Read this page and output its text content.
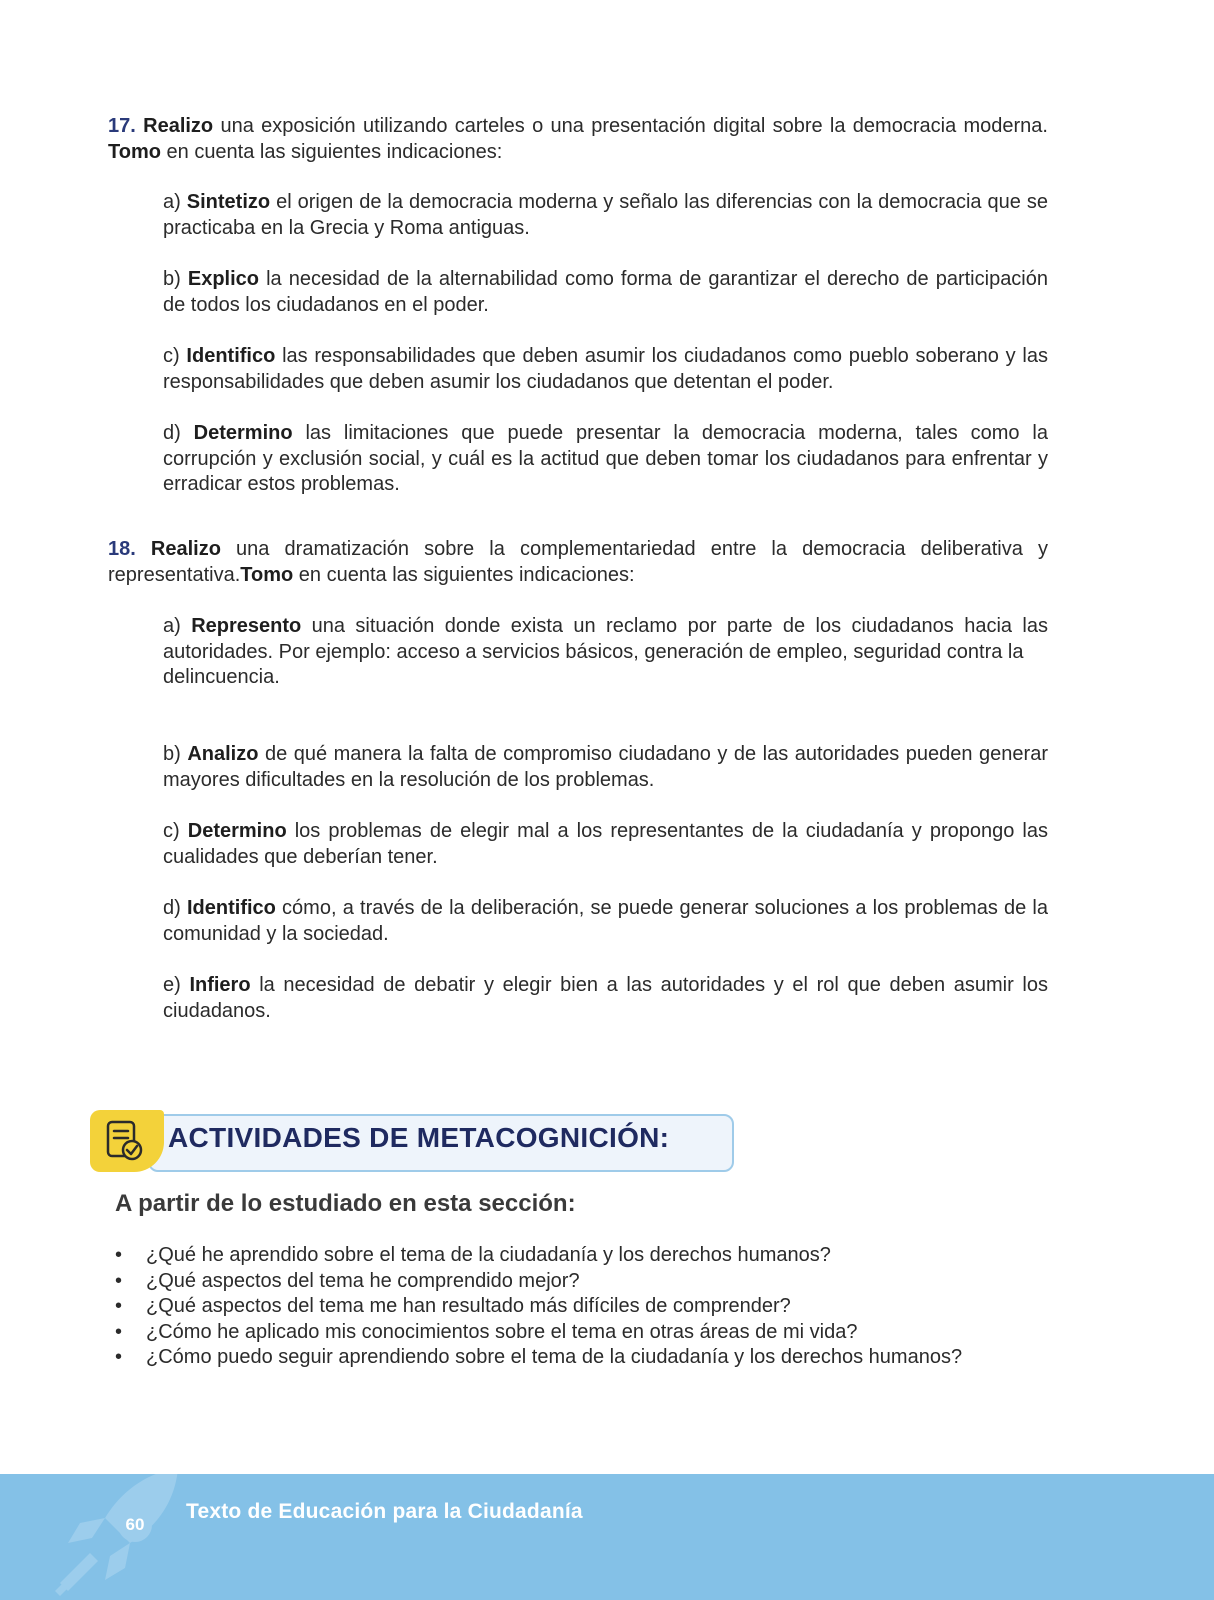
17. Realizo una exposición utilizando carteles o una presentación digital sobre la democracia moderna. Tomo en cuenta las siguientes indicaciones:
a) Sintetizo el origen de la democracia moderna y señalo las diferencias con la democracia que se practicaba en la Grecia y Roma antiguas.
b) Explico la necesidad de la alternabilidad como forma de garantizar el derecho de participación de todos los ciudadanos en el poder.
c) Identifico las responsabilidades que deben asumir los ciudadanos como pueblo soberano y las responsabilidades que deben asumir los ciudadanos que detentan el poder.
d) Determino las limitaciones que puede presentar la democracia moderna, tales como la corrupción y exclusión social, y cuál es la actitud que deben tomar los ciudadanos para enfrentar y erradicar estos problemas.
18. Realizo una dramatización sobre la complementariedad entre la democracia deliberativa y representativa.Tomo en cuenta las siguientes indicaciones:
a) Represento una situación donde exista un reclamo por parte de los ciudadanos hacia las autoridades. Por ejemplo: acceso a servicios básicos, generación de empleo, seguridad contra la
delincuencia.
b) Analizo de qué manera la falta de compromiso ciudadano y de las autoridades pueden generar mayores dificultades en la resolución de los problemas.
c) Determino los problemas de elegir mal a los representantes de la ciudadanía y propongo las cualidades que deberían tener.
d) Identifico cómo, a través de la deliberación, se puede generar soluciones a los problemas de la comunidad y la sociedad.
e) Infiero la necesidad de debatir y elegir bien a las autoridades y el rol que deben asumir los ciudadanos.
ACTIVIDADES DE METACOGNICIÓN:
A partir de lo estudiado en esta sección:
• ¿Qué he aprendido sobre el tema de la ciudadanía y los derechos humanos?
• ¿Qué aspectos del tema he comprendido mejor?
• ¿Qué aspectos del tema me han resultado más difíciles de comprender?
• ¿Cómo he aplicado mis conocimientos sobre el tema en otras áreas de mi vida?
• ¿Cómo puedo seguir aprendiendo sobre el tema de la ciudadanía y los derechos humanos?
60
Texto de Educación para la Ciudadanía
